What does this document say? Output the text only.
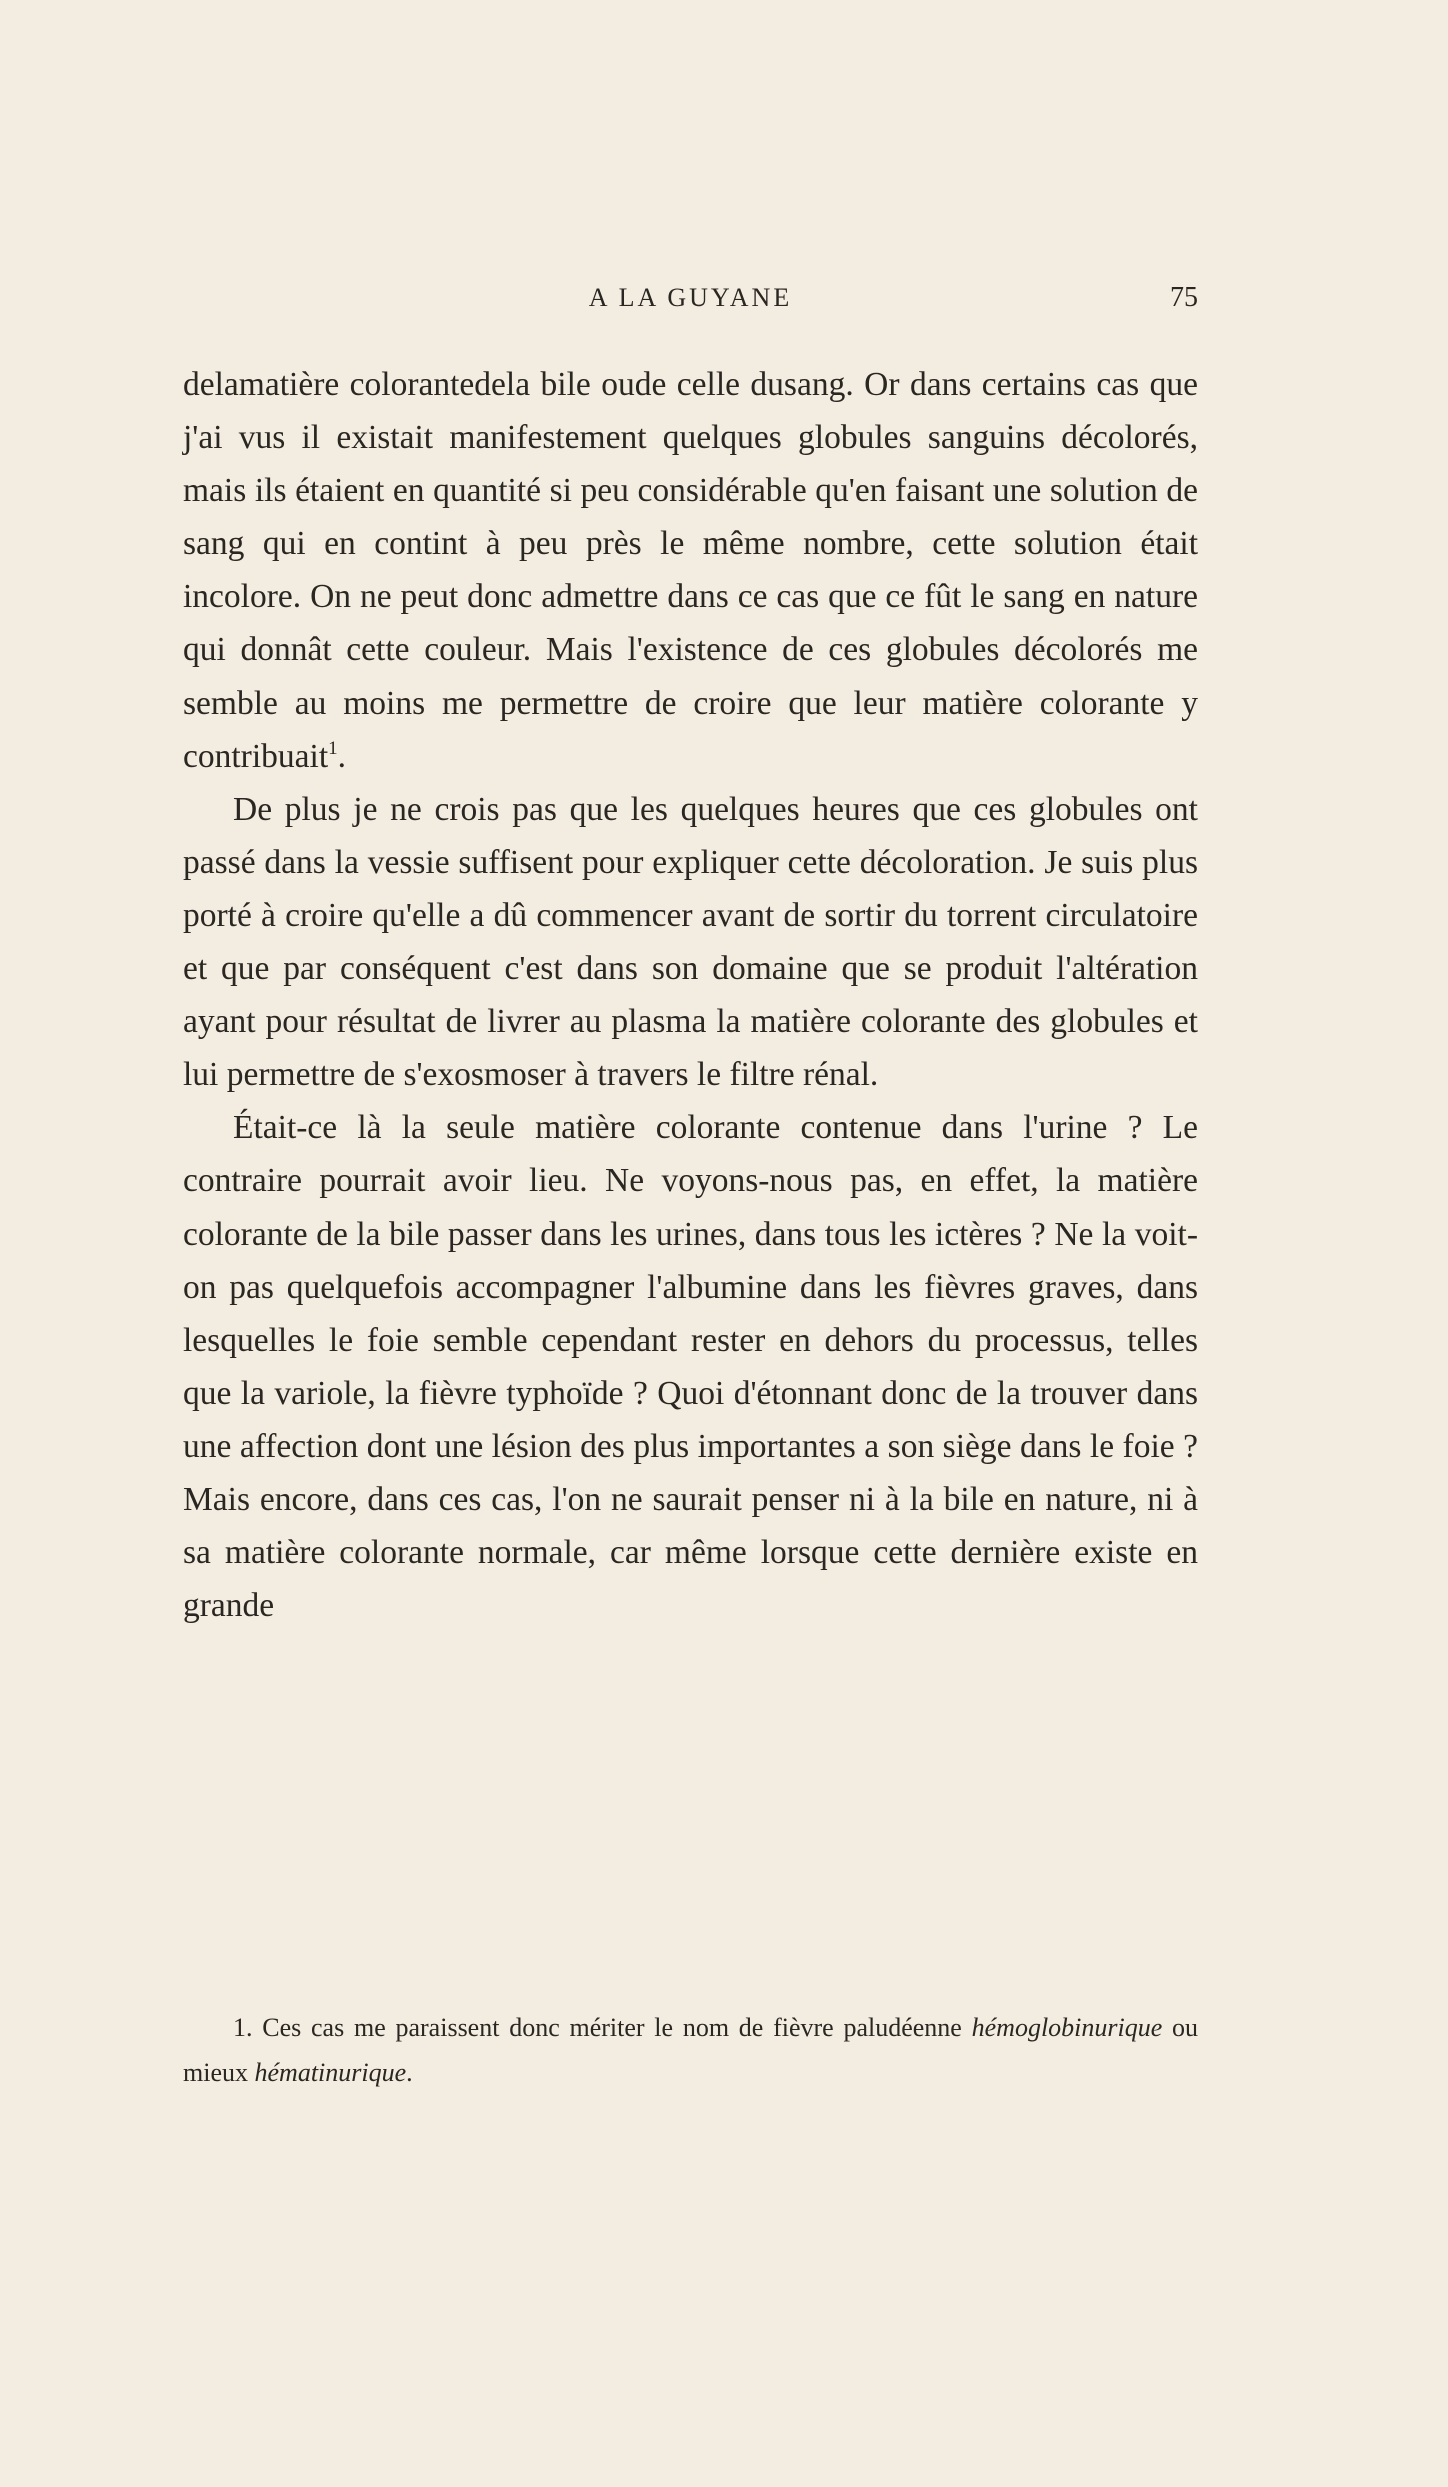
A LA GUYANE	75

delamatière colorantedela bile oude celle dusang. Or dans certains cas que j'ai vus il existait manifestement quelques globules sanguins décolorés, mais ils étaient en quantité si peu considérable qu'en faisant une solution de sang qui en contint à peu près le même nombre, cette solution était incolore. On ne peut donc admettre dans ce cas que ce fût le sang en nature qui donnât cette couleur. Mais l'existence de ces globules décolorés me semble au moins me permettre de croire que leur matière colorante y contribuait$^1$.

De plus je ne crois pas que les quelques heures que ces globules ont passé dans la vessie suffisent pour expliquer cette décoloration. Je suis plus porté à croire qu'elle a dû commencer avant de sortir du torrent circulatoire et que par conséquent c'est dans son domaine que se produit l'altération ayant pour résultat de livrer au plasma la matière colorante des globules et lui permettre de s'exosmoser à travers le filtre rénal.

Était-ce là la seule matière colorante contenue dans l'urine ? Le contraire pourrait avoir lieu. Ne voyons-nous pas, en effet, la matière colorante de la bile passer dans les urines, dans tous les ictères ? Ne la voit-on pas quelquefois accompagner l'albumine dans les fièvres graves, dans lesquelles le foie semble cependant rester en dehors du processus, telles que la variole, la fièvre typhoïde ? Quoi d'étonnant donc de la trouver dans une affection dont une lésion des plus importantes a son siège dans le foie ? Mais encore, dans ces cas, l'on ne saurait penser ni à la bile en nature, ni à sa matière colorante normale, car même lorsque cette dernière existe en grande

1. Ces cas me paraissent donc mériter le nom de fièvre paludéenne hémoglobinurique ou mieux hématinurique.
